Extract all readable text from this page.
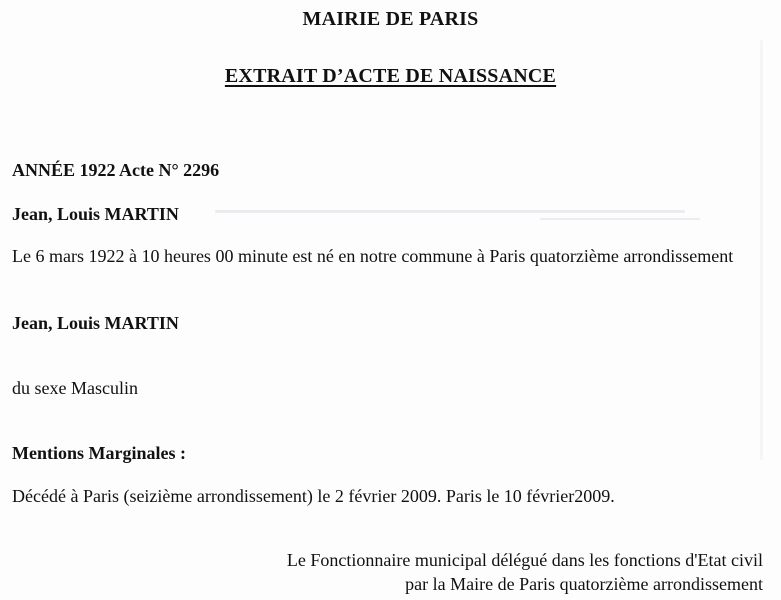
MAIRIE DE PARIS
EXTRAIT D’ACTE DE NAISSANCE
ANNÉE 1922 Acte N° 2296
Jean, Louis MARTIN
Le 6 mars 1922 à 10 heures 00 minute est né en notre commune à Paris quatorzième arrondissement
Jean, Louis MARTIN
du sexe Masculin
Mentions Marginales :
Décédé à Paris (seizième arrondissement) le 2 février 2009. Paris le 10 février2009.
Le Fonctionnaire municipal délégué dans les fonctions d'Etat civil
par la Maire de Paris quatorzième arrondissement
